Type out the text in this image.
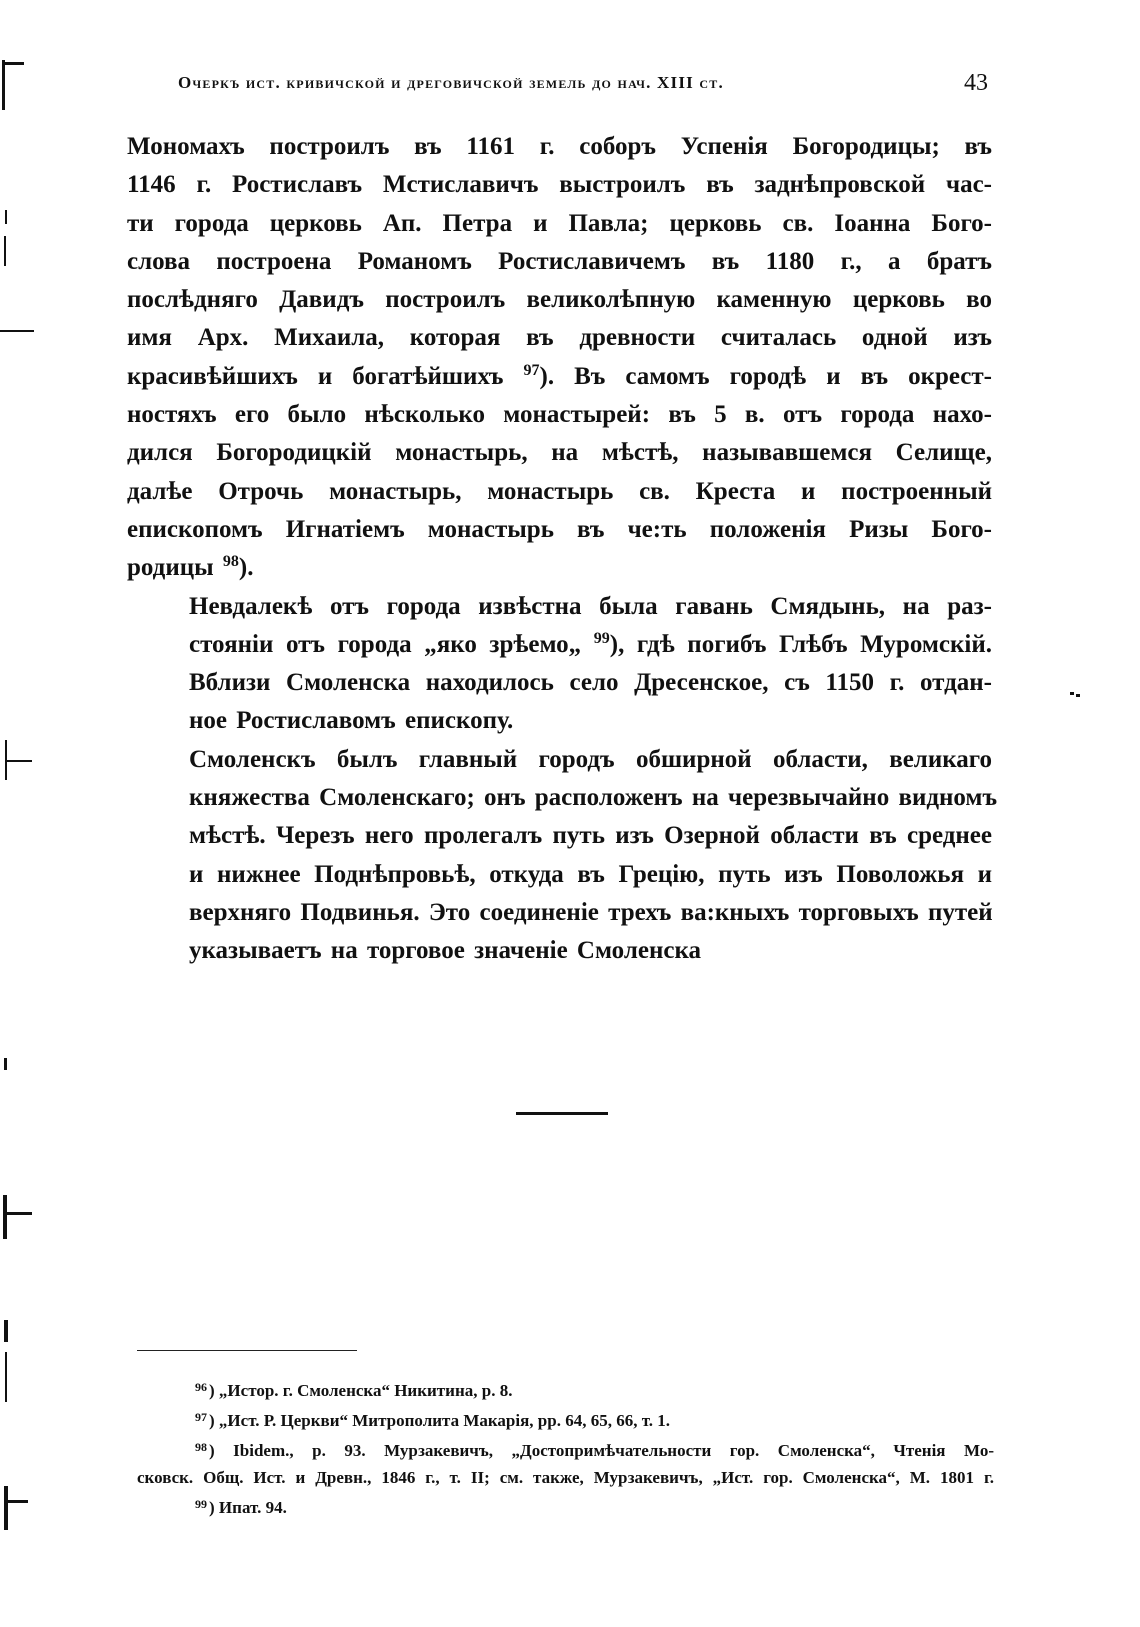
Очеркъ ист. кривичской и дреговичской земель до нач. XIII ст.	43

Мономахъ построилъ въ 1161 г. соборъ Успенія Богородицы; въ
1146 г. Ростиславъ Мстиславичъ выстроилъ въ заднѣпровской час-
ти города церковь Ап. Петра и Павла; церковь св. Іоанна Бого-
слова построена Романомъ Ростиславичемъ въ 1180 г., а братъ
послѣдняго Давидъ построилъ великолѣпную каменную церковь во
имя Арх. Михаила, которая въ древности считалась одной изъ
красивѣйшихъ и богатѣйшихъ $^{97}$). Въ самомъ городѣ и въ окрест-
ностяхъ его было нѣсколько монастырей: въ 5 в. отъ города нахо-
дился Богородицкій монастырь, на мѣстѣ, называвшемся Селище,
далѣе Отрочь монастырь, монастырь св. Креста и построенный
епископомъ Игнатіемъ монастырь въ че:ть положенія Ризы Бого-
родицы $^{98}$).

Невдалекѣ отъ города извѣстна была гавань Смядынь, на раз-
стояніи отъ города „яко зрѣемо„ $^{99}$), гдѣ погибъ Глѣбъ Муромскій.
Вблизи Смоленска находилось село Дресенское, съ 1150 г. отдан-
ное Ростиславомъ епископу.

Смоленскъ былъ главный городъ обширной области, великаго
княжества Смоленскаго; онъ расположенъ на черезвычайно видномъ
мѣстѣ. Черезъ него пролегалъ путь изъ Озерной области въ среднее
и нижнее Поднѣпровьѣ, откуда въ Грецію, путь изъ Поволожья и
верхняго Подвинья. Это соединеніе трехъ ва:кныхъ торговыхъ путей
указываетъ на торговое значеніе Смоленска

$^{96}$ ) „Истор. г. Смоленска“ Никитина, p. 8.
$^{97}$ ) „Ист. Р. Церкви“ Митрополита Макарія, pp. 64, 65, 66, т. 1.
$^{98}$ ) Ibidem., p. 93. Мурзакевичъ, „Достопримѣчательности гор. Смоленска“, Чтенія Мо-
сковск. Общ. Ист. и Древн., 1846 г., т. II; см. также, Мурзакевичъ, „Ист. гор. Смоленска“, М. 1801 г.
$^{99}$ ) Ипат. 94.
